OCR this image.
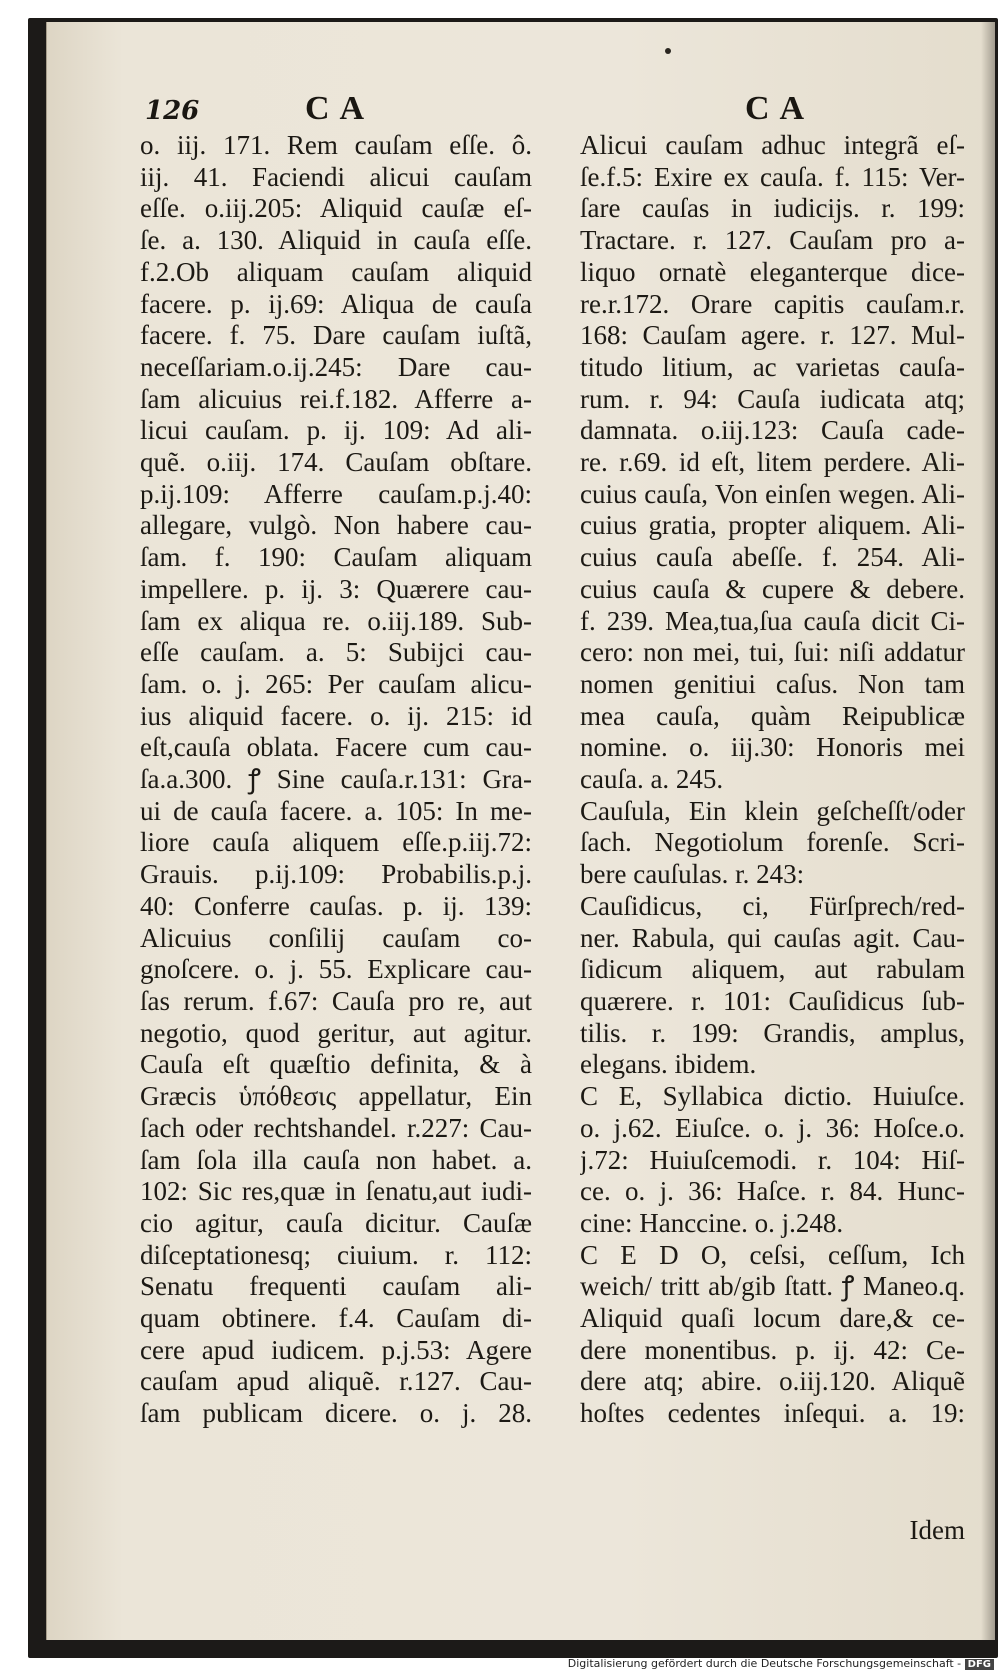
126	CA	CA
o. iij. 171. Rem cauſam eſſe. ô.
iij. 41. Faciendi alicui cauſam
eſſe. o.iij.205: Aliquid cauſæ eſ-
ſe. a. 130. Aliquid in cauſa eſſe.
f.2.Ob aliquam cauſam aliquid
facere. p. ij.69: Aliqua de cauſa
facere. f. 75. Dare cauſam iuſtã,
neceſſariam.o.ij.245: Dare cau-
ſam alicuius rei.f.182. Afferre a-
licui cauſam. p. ij. 109: Ad ali-
quẽ. o.iij. 174. Cauſam obſtare.
p.ij.109: Afferre cauſam.p.j.40:
allegare, vulgò. Non habere cau-
ſam. f. 190: Cauſam aliquam
impellere. p. ij. 3: Quærere cau-
ſam ex aliqua re. o.iij.189. Sub-
eſſe cauſam. a. 5: Subijci cau-
ſam. o. j. 265: Per cauſam alicu-
ius aliquid facere. o. ij. 215: id
eſt,cauſa oblata. Facere cum cau-
ſa.a.300. ꝭ Sine cauſa.r.131: Gra-
ui de cauſa facere. a. 105: In me-
liore cauſa aliquem eſſe.p.iij.72:
Grauis. p.ij.109: Probabilis.p.j.
40: Conferre cauſas. p. ij. 139:
Alicuius conſilij cauſam co-
gnoſcere. o. j. 55. Explicare cau-
ſas rerum. f.67: Cauſa pro re, aut
negotio, quod geritur, aut agitur.
Cauſa eſt quæſtio definita, & à
Græcis ὑπόθεσις appellatur, Ein
ſach oder rechtshandel. r.227: Cau-
ſam ſola illa cauſa non habet. a.
102: Sic res,quæ in ſenatu,aut iudi-
cio agitur, cauſa dicitur. Cauſæ
diſceptationesq; ciuium. r. 112:
Senatu frequenti cauſam ali-
quam obtinere. f.4. Cauſam di-
cere apud iudicem. p.j.53: Agere
cauſam apud aliquẽ. r.127. Cau-
ſam publicam dicere. o. j. 28.
Alicui cauſam adhuc integrã eſ-
ſe.f.5: Exire ex cauſa. f. 115: Ver-
ſare cauſas in iudicijs. r. 199:
Tractare. r. 127. Cauſam pro a-
liquo ornatè eleganterque dice-
re.r.172. Orare capitis cauſam.r.
168: Cauſam agere. r. 127. Mul-
titudo litium, ac varietas cauſa-
rum. r. 94: Cauſa iudicata atq;
damnata. o.iij.123: Cauſa cade-
re. r.69. id eſt, litem perdere. Ali-
cuius cauſa, Von einſen wegen. Ali-
cuius gratia, propter aliquem. Ali-
cuius cauſa abeſſe. f. 254. Ali-
cuius cauſa & cupere & debere.
f. 239. Mea,tua,ſua cauſa dicit Ci-
cero: non mei, tui, ſui: niſi addatur
nomen genitiui caſus. Non tam
mea cauſa, quàm Reipublicæ
nomine. o. iij.30: Honoris mei
cauſa. a. 245.
Cauſula, Ein klein geſcheſſt/oder
ſach. Negotiolum forenſe. Scri-
bere cauſulas. r. 243:
Cauſidicus, ci, Fürſprech/red-
ner. Rabula, qui cauſas agit. Cau-
ſidicum aliquem, aut rabulam
quærere. r. 101: Cauſidicus ſub-
tilis. r. 199: Grandis, amplus,
elegans. ibidem.
C E, Syllabica dictio. Huiuſce.
o. j.62. Eiuſce. o. j. 36: Hoſce.o.
j.72: Huiuſcemodi. r. 104: Hiſ-
ce. o. j. 36: Haſce. r. 84. Hunc-
cine: Hanccine. o. j.248.
C E D O, ceſsi, ceſſum, Ich
weich/ tritt ab/gib ſtatt. ꝭ Maneo.q.
Aliquid quaſi locum dare,& ce-
dere monentibus. p. ij. 42: Ce-
dere atq; abire. o.iij.120. Aliquẽ
hoſtes cedentes inſequi. a. 19:
Idem
Digitalisierung gefördert durch die Deutsche Forschungsgemeinschaft - DFG
